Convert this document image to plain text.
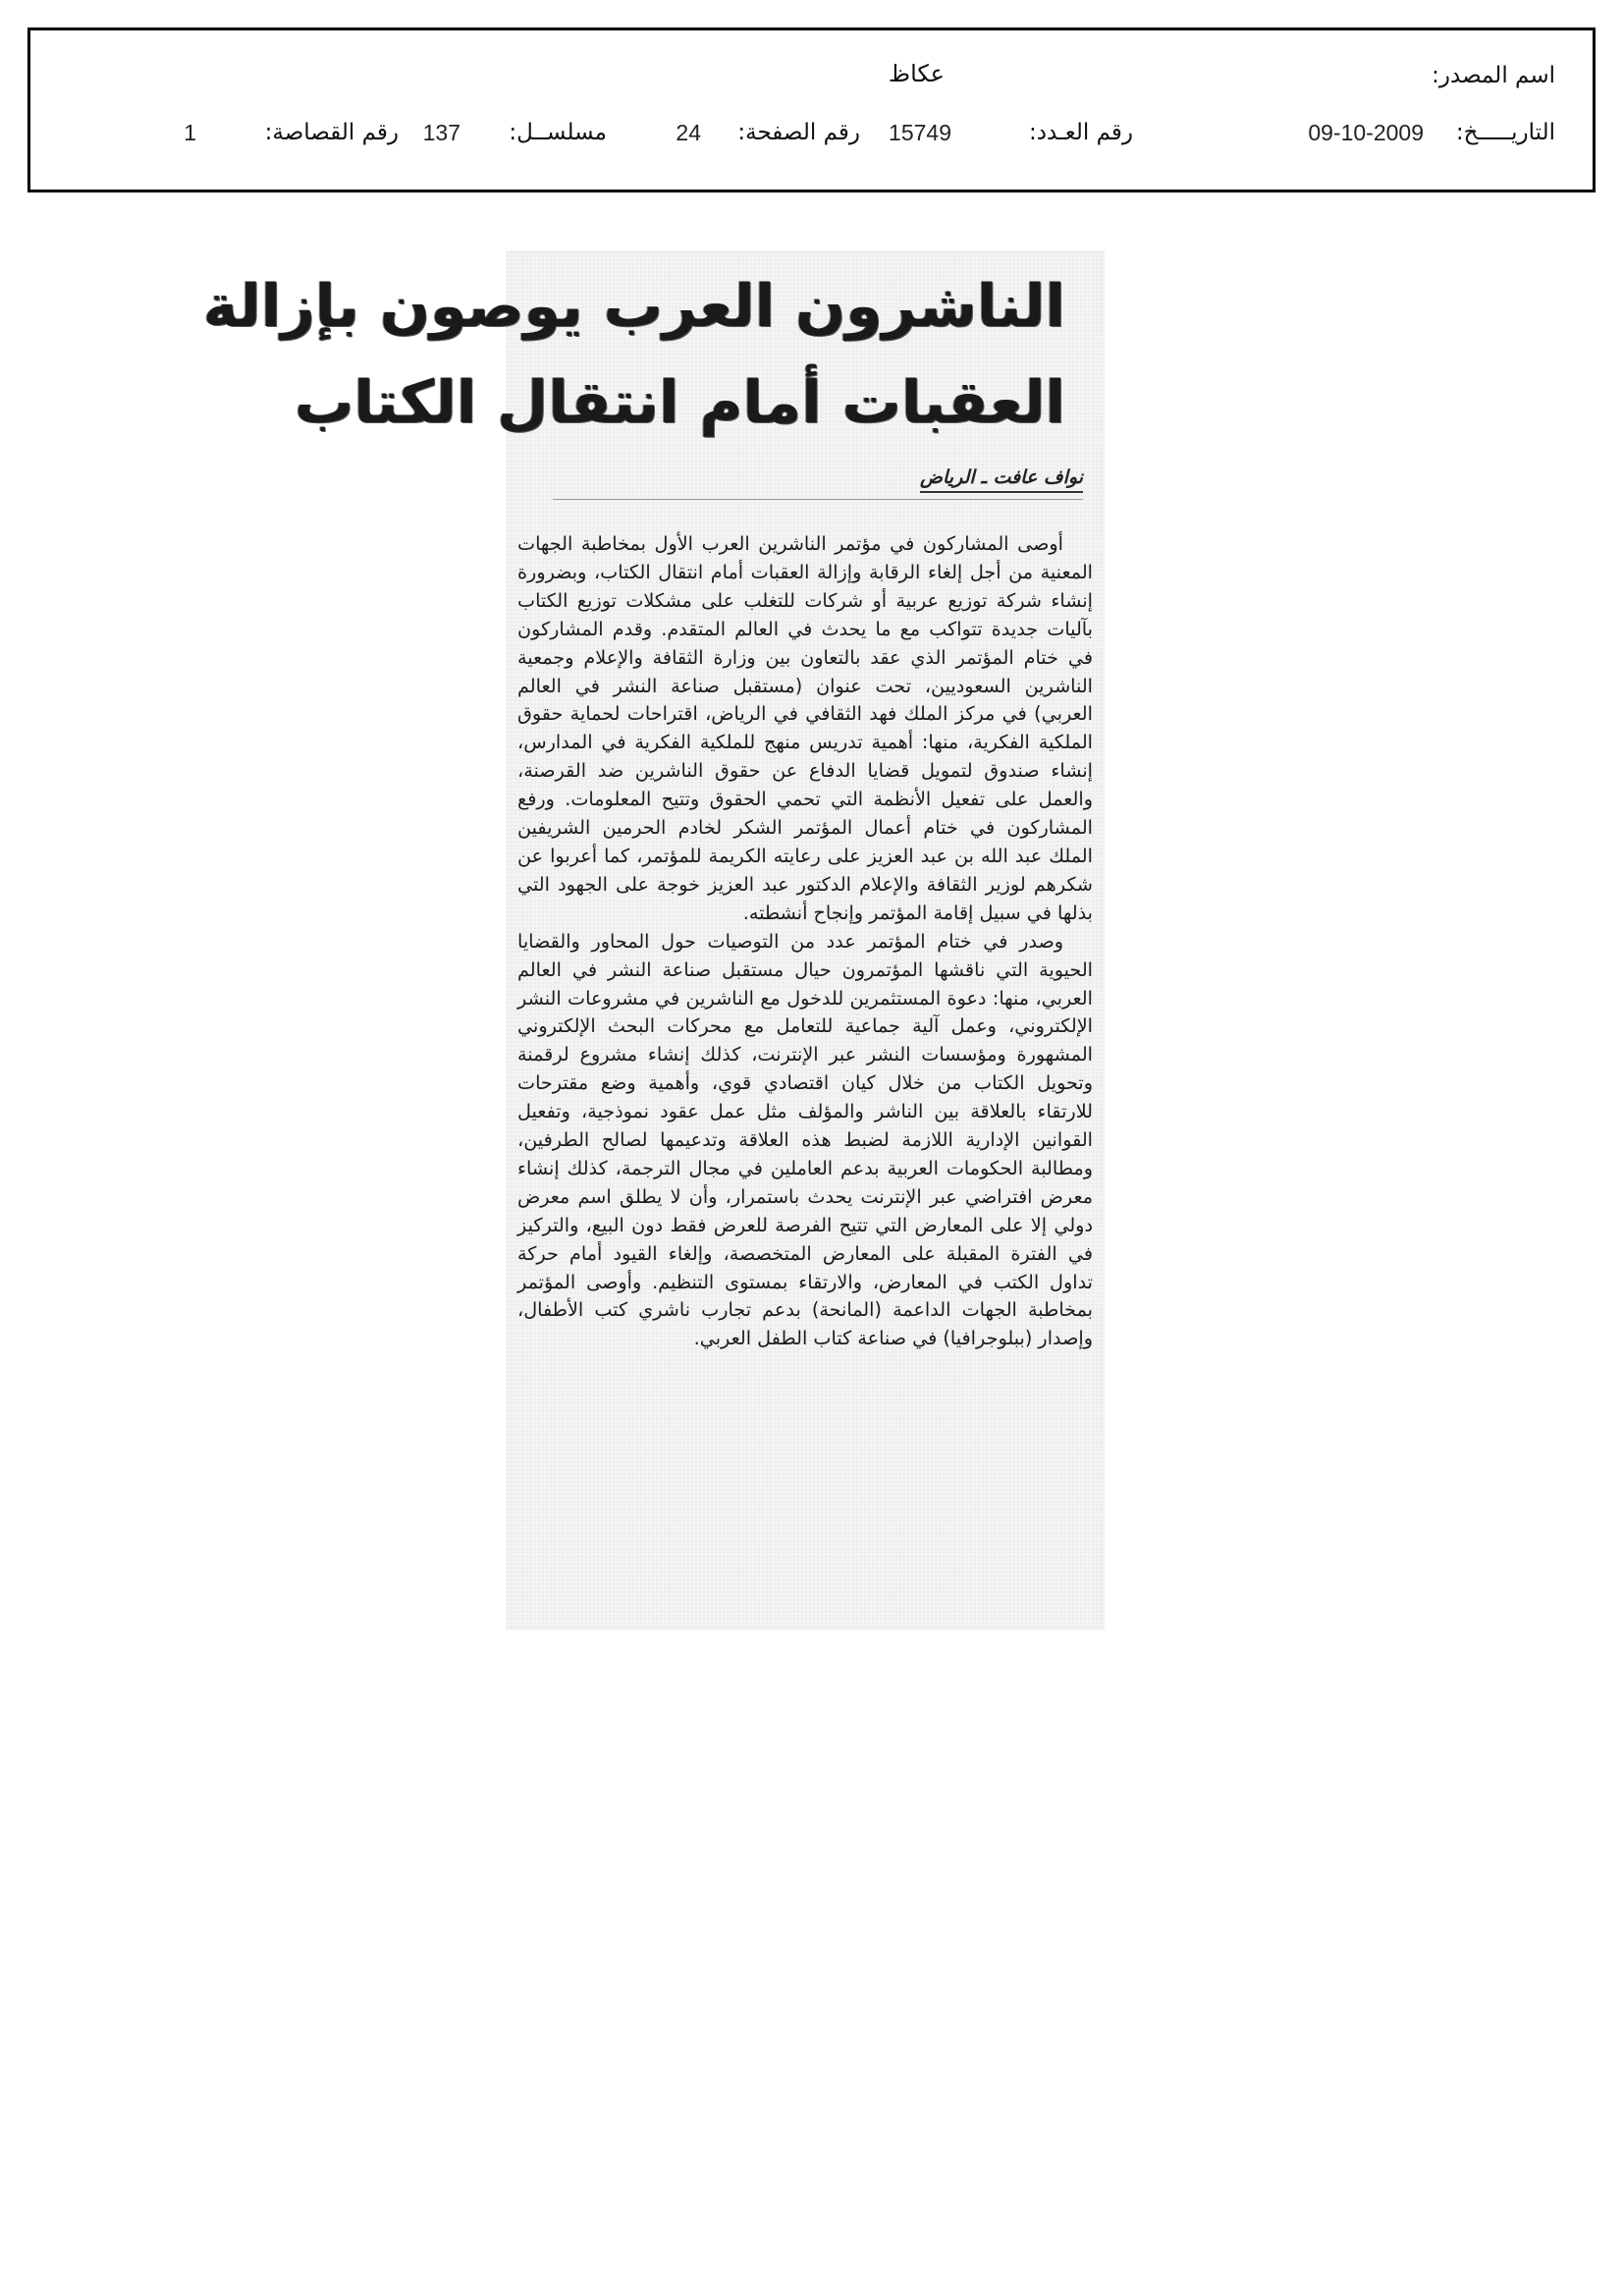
اسم المصدر:
عكاظ
التاريـــــخ:
09-10-2009
رقم العـدد:
15749
رقم الصفحة:
24
مسلســل:
137
رقم القصاصة:
1
الناشرون العرب يوصون بإزالة
العقبات أمام انتقال الكتاب
نواف عافت ـ الرياض

أوصى المشاركون في مؤتمر الناشرين العرب الأول بمخاطبة الجهات المعنية من أجل إلغاء الرقابة وإزالة العقبات أمام انتقال الكتاب، وبضرورة إنشاء شركة توزيع عربية أو شركات للتغلب على مشكلات توزيع الكتاب بآليات جديدة تتواكب مع ما يحدث في العالم المتقدم. وقدم المشاركون في ختام المؤتمر الذي عقد بالتعاون بين وزارة الثقافة والإعلام وجمعية الناشرين السعوديين، تحت عنوان (مستقبل صناعة النشر في العالم العربي) في مركز الملك فهد الثقافي في الرياض، اقتراحات لحماية حقوق الملكية الفكرية، منها: أهمية تدريس منهج للملكية الفكرية في المدارس، إنشاء صندوق لتمويل قضايا الدفاع عن حقوق الناشرين ضد القرصنة، والعمل على تفعيل الأنظمة التي تحمي الحقوق وتتيح المعلومات. ورفع المشاركون في ختام أعمال المؤتمر الشكر لخادم الحرمين الشريفين الملك عبد الله بن عبد العزيز على رعايته الكريمة للمؤتمر، كما أعربوا عن شكرهم لوزير الثقافة والإعلام الدكتور عبد العزيز خوجة على الجهود التي بذلها في سبيل إقامة المؤتمر وإنجاح أنشطته.

وصدر في ختام المؤتمر عدد من التوصيات حول المحاور والقضايا الحيوية التي ناقشها المؤتمرون حيال مستقبل صناعة النشر في العالم العربي، منها: دعوة المستثمرين للدخول مع الناشرين في مشروعات النشر الإلكتروني، وعمل آلية جماعية للتعامل مع محركات البحث الإلكتروني المشهورة ومؤسسات النشر عبر الإنترنت، كذلك إنشاء مشروع لرقمنة وتحويل الكتاب من خلال كيان اقتصادي قوي، وأهمية وضع مقترحات للارتقاء بالعلاقة بين الناشر والمؤلف مثل عمل عقود نموذجية، وتفعيل القوانين الإدارية اللازمة لضبط هذه العلاقة وتدعيمها لصالح الطرفين، ومطالبة الحكومات العربية بدعم العاملين في مجال الترجمة، كذلك إنشاء معرض افتراضي عبر الإنترنت يحدث باستمرار، وأن لا يطلق اسم معرض دولي إلا على المعارض التي تتيح الفرصة للعرض فقط دون البيع، والتركيز في الفترة المقبلة على المعارض المتخصصة، وإلغاء القيود أمام حركة تداول الكتب في المعارض، والارتقاء بمستوى التنظيم. وأوصى المؤتمر بمخاطبة الجهات الداعمة (المانحة) بدعم تجارب ناشري كتب الأطفال، وإصدار (ببلوجرافيا) في صناعة كتاب الطفل العربي.
